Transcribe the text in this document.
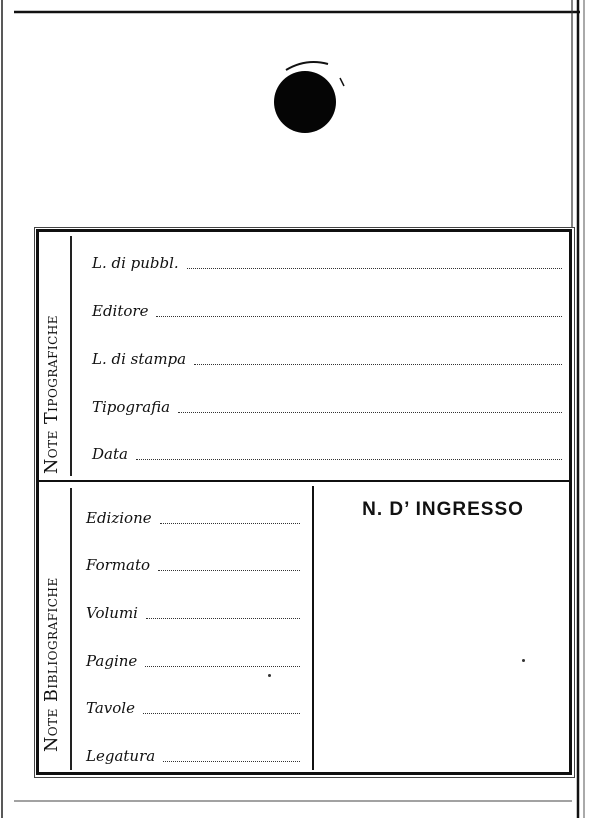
Note Tipografiche
L. di pubbl.
Editore
L. di stampa
Tipografia
Data
Note Bibliografiche
Edizione
Formato
Volumi
Pagine
Tavole
Legatura
N. D’ INGRESSO
